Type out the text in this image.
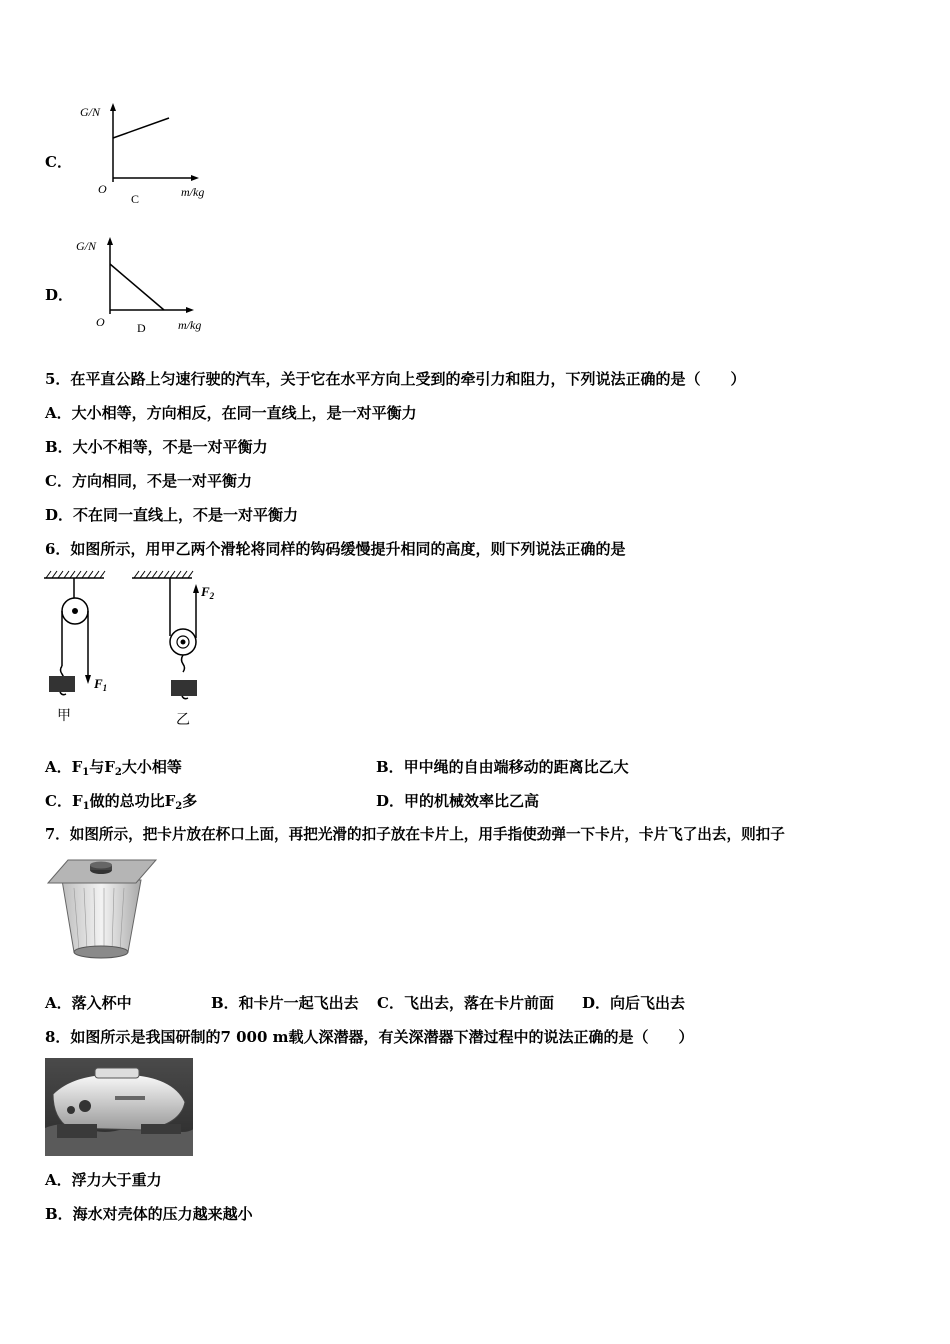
C．
G/N
O
C	m/kg
D．
G/N
O	D	m/kg
5．在平直公路上匀速行驶的汽车，关于它在水平方向上受到的牵引力和阻力，下列说法正确的是（　　）
A．大小相等，方向相反，在同一直线上，是一对平衡力
B．大小不相等，不是一对平衡力
C．方向相同，不是一对平衡力
D．不在同一直线上，不是一对平衡力
6．如图所示，用甲乙两个滑轮将同样的钩码缓慢提升相同的高度，则下列说法正确的是
$F_1$
甲
$F_2$
乙
A．$F_1$与$F_2$大小相等	B．甲中绳的自由端移动的距离比乙大
C．$F_1$做的总功比$F_2$多	D．甲的机械效率比乙高
7．如图所示，把卡片放在杯口上面，再把光滑的扣子放在卡片上，用手指使劲弹一下卡片，卡片飞了出去，则扣子
A．落入杯中	B．和卡片一起飞出去 C．飞出去，落在卡片前面 D．向后飞出去
8．如图所示是我国研制的7 000 m载人深潜器，有关深潜器下潜过程中的说法正确的是（　　）
A．浮力大于重力
B．海水对壳体的压力越来越小
